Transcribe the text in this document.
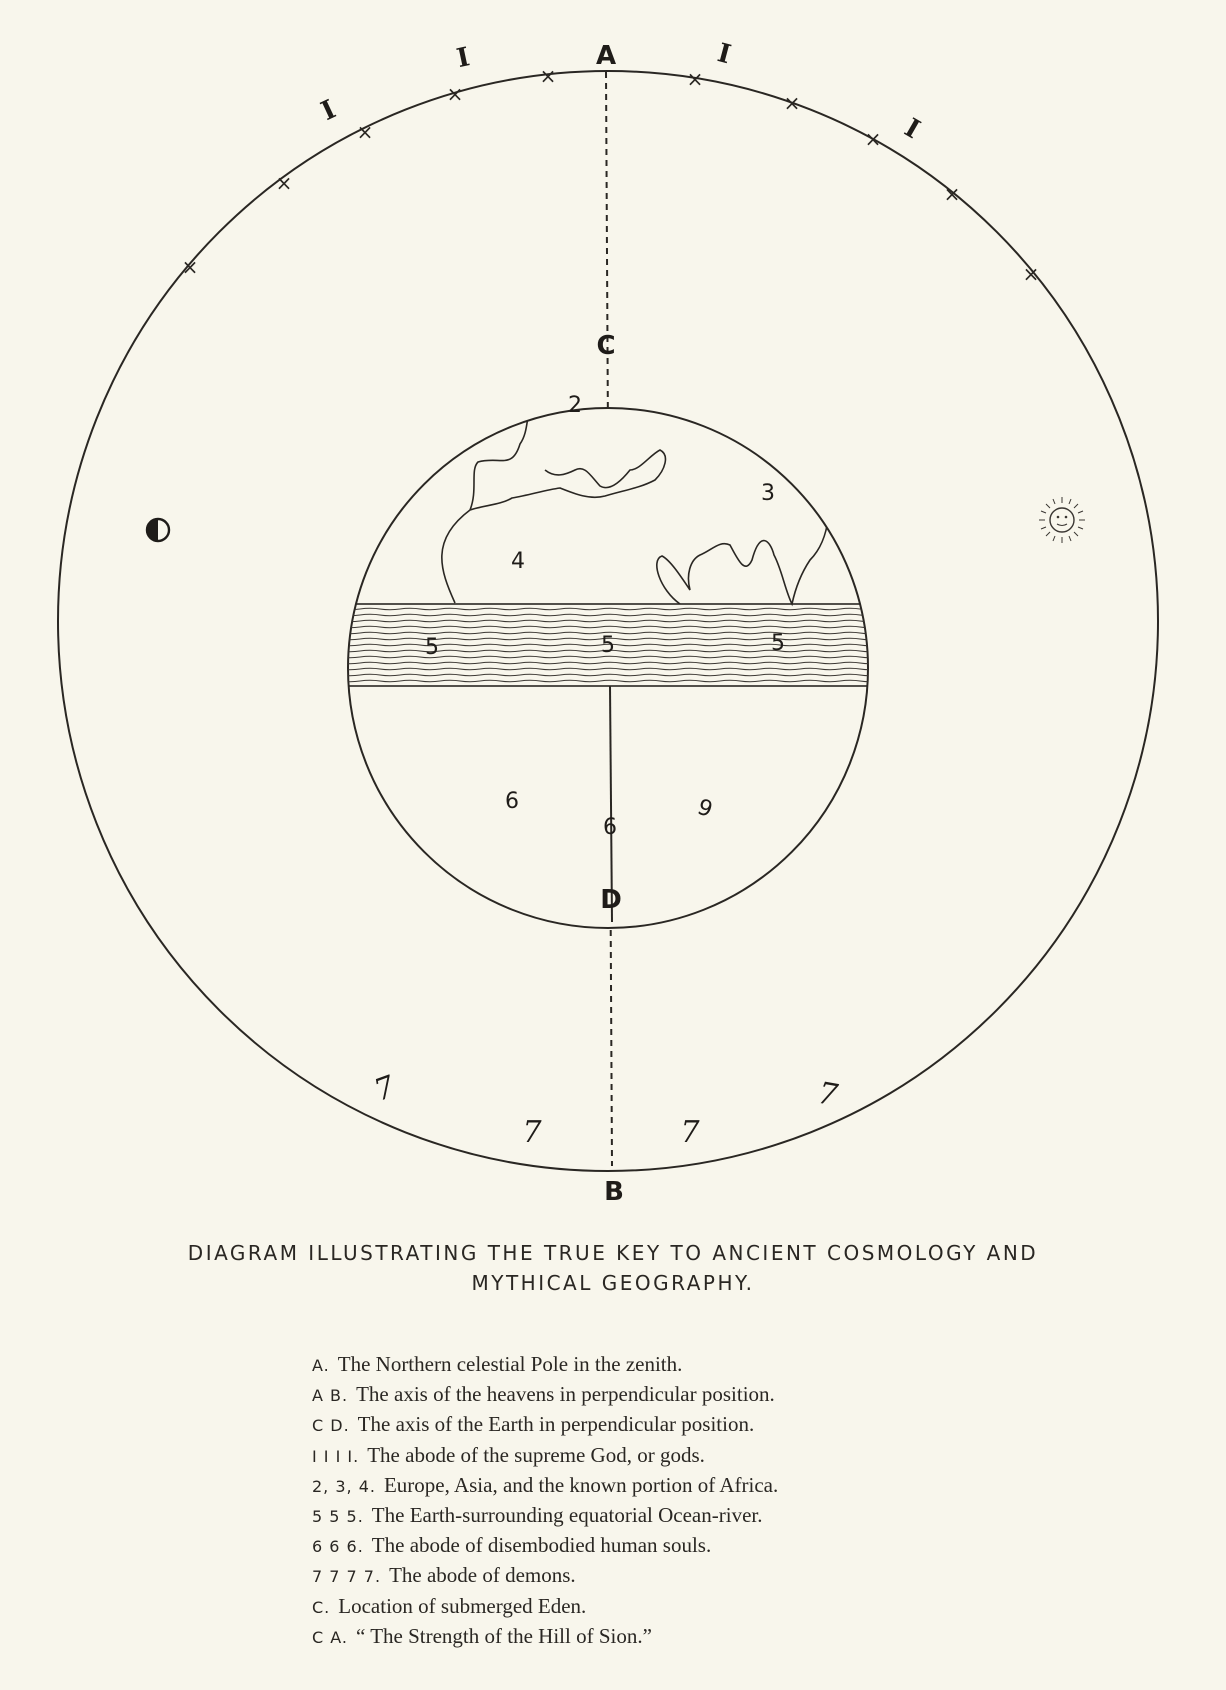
×
×
×
×
×	×
×
×
×
×
I
I	I
I
A
C
D
B
2
3
4
5	5	5
6
6
6
7
7	7
7
DIAGRAM ILLUSTRATING THE TRUE KEY TO ANCIENT COSMOLOGY AND
MYTHICAL GEOGRAPHY.
A. The Northern celestial Pole in the zenith.
A B. The axis of the heavens in perpendicular position.
C D. The axis of the Earth in perpendicular position.
I I I I. The abode of the supreme God, or gods.
2, 3, 4. Europe, Asia, and the known portion of Africa.
5 5 5. The Earth-surrounding equatorial Ocean-river.
6 6 6. The abode of disembodied human souls.
7 7 7 7. The abode of demons.
C. Location of submerged Eden.
C A. “ The Strength of the Hill of Sion.”
